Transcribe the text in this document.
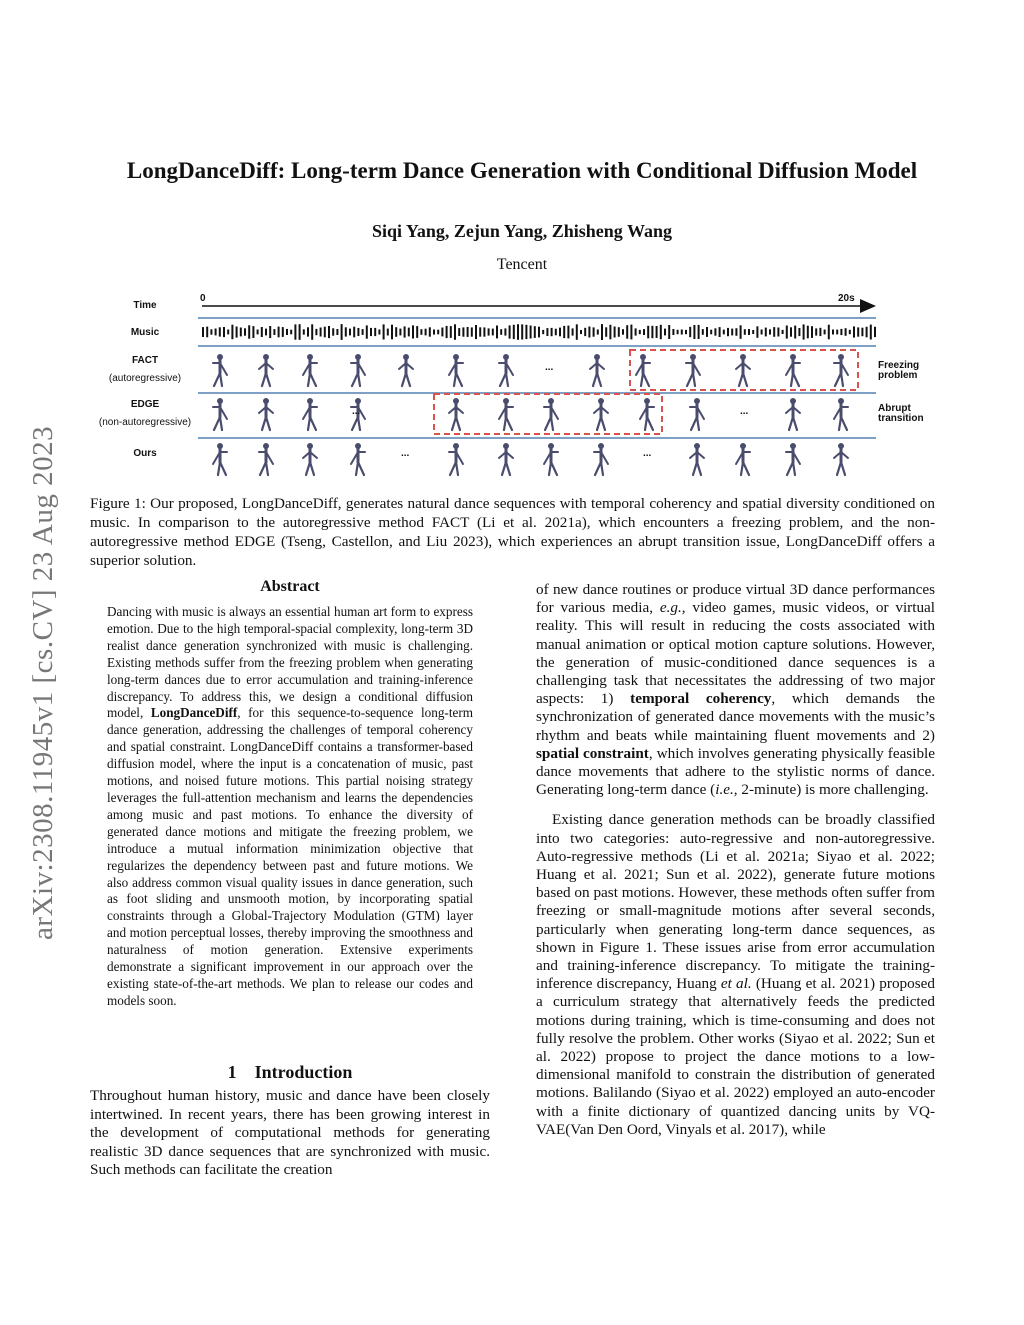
arXiv:2308.11945v1 [cs.CV] 23 Aug 2023
LongDanceDiff: Long-term Dance Generation with Conditional Diffusion Model
Siqi Yang, Zejun Yang, Zhisheng Wang
Tencent
Time
0	20s
Music
FACT
(autoregressive)
EDGE
(non-autoregressive)
Ours
Freezing
problem
Abrupt
transition
...
...	...
...	...
Figure 1: Our proposed, LongDanceDiff, generates natural dance sequences with temporal coherency and spatial diversity conditioned on music. In comparison to the autoregressive method FACT (Li et al. 2021a), which encounters a freezing problem, and the non-autoregressive method EDGE (Tseng, Castellon, and Liu 2023), which experiences an abrupt transition issue, LongDanceDiff offers a superior solution.
Abstract
Dancing with music is always an essential human art form to express emotion. Due to the high temporal-spacial complexity, long-term 3D realist dance generation synchronized with music is challenging. Existing methods suffer from the freezing problem when generating long-term dances due to error accumulation and training-inference discrepancy. To address this, we design a conditional diffusion model, LongDanceDiff, for this sequence-to-sequence long-term dance generation, addressing the challenges of temporal coherency and spatial constraint. LongDanceDiff contains a transformer-based diffusion model, where the input is a concatenation of music, past motions, and noised future motions. This partial noising strategy leverages the full-attention mechanism and learns the dependencies among music and past motions. To enhance the diversity of generated dance motions and mitigate the freezing problem, we introduce a mutual information minimization objective that regularizes the dependency between past and future motions. We also address common visual quality issues in dance generation, such as foot sliding and unsmooth motion, by incorporating spatial constraints through a Global-Trajectory Modulation (GTM) layer and motion perceptual losses, thereby improving the smoothness and naturalness of motion generation. Extensive experiments demonstrate a significant improvement in our approach over the existing state-of-the-art methods. We plan to release our codes and models soon.
1    Introduction
Throughout human history, music and dance have been closely intertwined. In recent years, there has been growing interest in the development of computational methods for generating realistic 3D dance sequences that are synchronized with music. Such methods can facilitate the creation

of new dance routines or produce virtual 3D dance performances for various media, e.g., video games, music videos, or virtual reality. This will result in reducing the costs associated with manual animation or optical motion capture solutions. However, the generation of music-conditioned dance sequences is a challenging task that necessitates the addressing of two major aspects: 1) temporal coherency, which demands the synchronization of generated dance movements with the music’s rhythm and beats while maintaining fluent movements and 2) spatial constraint, which involves generating physically feasible dance movements that adhere to the stylistic norms of dance. Generating long-term dance (i.e., 2-minute) is more challenging.

Existing dance generation methods can be broadly classified into two categories: auto-regressive and non-autoregressive. Auto-regressive methods (Li et al. 2021a; Siyao et al. 2022; Huang et al. 2021; Sun et al. 2022), generate future motions based on past motions. However, these methods often suffer from freezing or small-magnitude motions after several seconds, particularly when generating long-term dance sequences, as shown in Figure 1. These issues arise from error accumulation and training-inference discrepancy. To mitigate the training-inference discrepancy, Huang et al. (Huang et al. 2021) proposed a curriculum strategy that alternatively feeds the predicted motions during training, which is time-consuming and does not fully resolve the problem. Other works (Siyao et al. 2022; Sun et al. 2022) propose to project the dance motions to a low-dimensional manifold to constrain the distribution of generated motions. Balilando (Siyao et al. 2022) employed an auto-encoder with a finite dictionary of quantized dancing units by VQ-VAE(Van Den Oord, Vinyals et al. 2017), while
